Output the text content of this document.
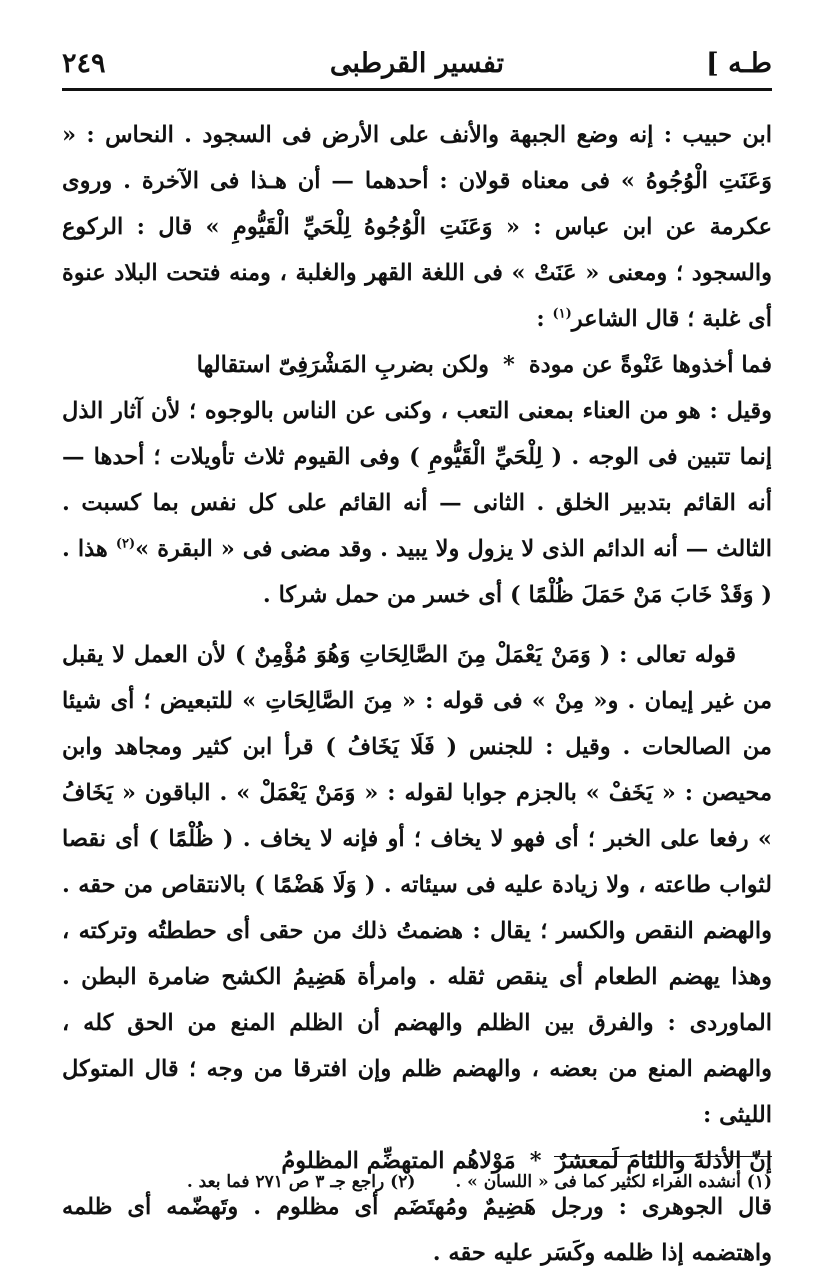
طـه ]
تفسير القرطبى
٢٤٩

ابن حبيب : إنه وضع الجبهة والأنف على الأرض فى السجود . النحاس : « وَعَنَتِ الْوُجُوهُ » فى معناه قولان : أحدهما — أن هـذا فى الآخرة . وروى عكرمة عن ابن عباس : « وَعَنَتِ الْوُجُوهُ لِلْحَيِّ الْقَيُّومِ » قال : الركوع والسجود ؛ ومعنى « عَنَتْ » فى اللغة القهر والغلبة ، ومنه فتحت البلاد عنوة أى غلبة ؛ قال الشاعر$^{(١)}$ :

فما أخذوها عَنْوةً عن مودة*ولكن بضربِ المَشْرَفِىّ استقالها

وقيل : هو من العناء بمعنى التعب ، وكنى عن الناس بالوجوه ؛ لأن آثار الذل إنما تتبين فى الوجه . ( لِلْحَيِّ الْقَيُّومِ ) وفى القيوم ثلاث تأويلات ؛ أحدها — أنه القائم بتدبير الخلق . الثانى — أنه القائم على كل نفس بما كسبت . الثالث — أنه الدائم الذى لا يزول ولا يبيد . وقد مضى فى « البقرة »$^{(٢)}$ هذا . ( وَقَدْ خَابَ مَنْ حَمَلَ ظُلْمًا ) أى خسر من حمل شركا .

قوله تعالى : ( وَمَنْ يَعْمَلْ مِنَ الصَّالِحَاتِ وَهُوَ مُؤْمِنٌ ) لأن العمل لا يقبل من غير إيمان . و« مِنْ » فى قوله : « مِنَ الصَّالِحَاتِ » للتبعيض ؛ أى شيئا من الصالحات . وقيل : للجنس ( فَلَا يَخَافُ ) قرأ ابن كثير ومجاهد وابن محيصن : « يَخَفْ » بالجزم جوابا لقوله : « وَمَنْ يَعْمَلْ » . الباقون « يَخَافُ » رفعا على الخبر ؛ أى فهو لا يخاف ؛ أو فإنه لا يخاف . ( ظُلْمًا ) أى نقصا لثواب طاعته ، ولا زيادة عليه فى سيئاته . ( وَلَا هَضْمًا ) بالانتقاص من حقه . والهضم النقص والكسر ؛ يقال : هضمتُ ذلك من حقى أى حططتُه وتركته ، وهذا يهضم الطعام أى ينقص ثقله . وامرأة هَضِيمُ الكشح ضامرة البطن . الماوردى : والفرق بين الظلم والهضم أن الظلم المنع من الحق كله ، والهضم المنع من بعضه ، والهضم ظلم وإن افترقا من وجه ؛ قال المتوكل الليثى :

إنّ الأذلةَ واللئامَ لَمعشرٌ*مَوْلاهُم المتهضِّم المظلومُ

قال الجوهرى : ورجل هَضِيمٌ ومُهتَضَم أى مظلوم . وتَهضّمه أى ظلمه واهتضمه إذا ظلمه وكَسَر عليه حقه .

(١) أنشده الفراء لكثير كما فى « اللسان » . (٢) راجع جـ ٣ ص ٢٧١ فما بعد .
